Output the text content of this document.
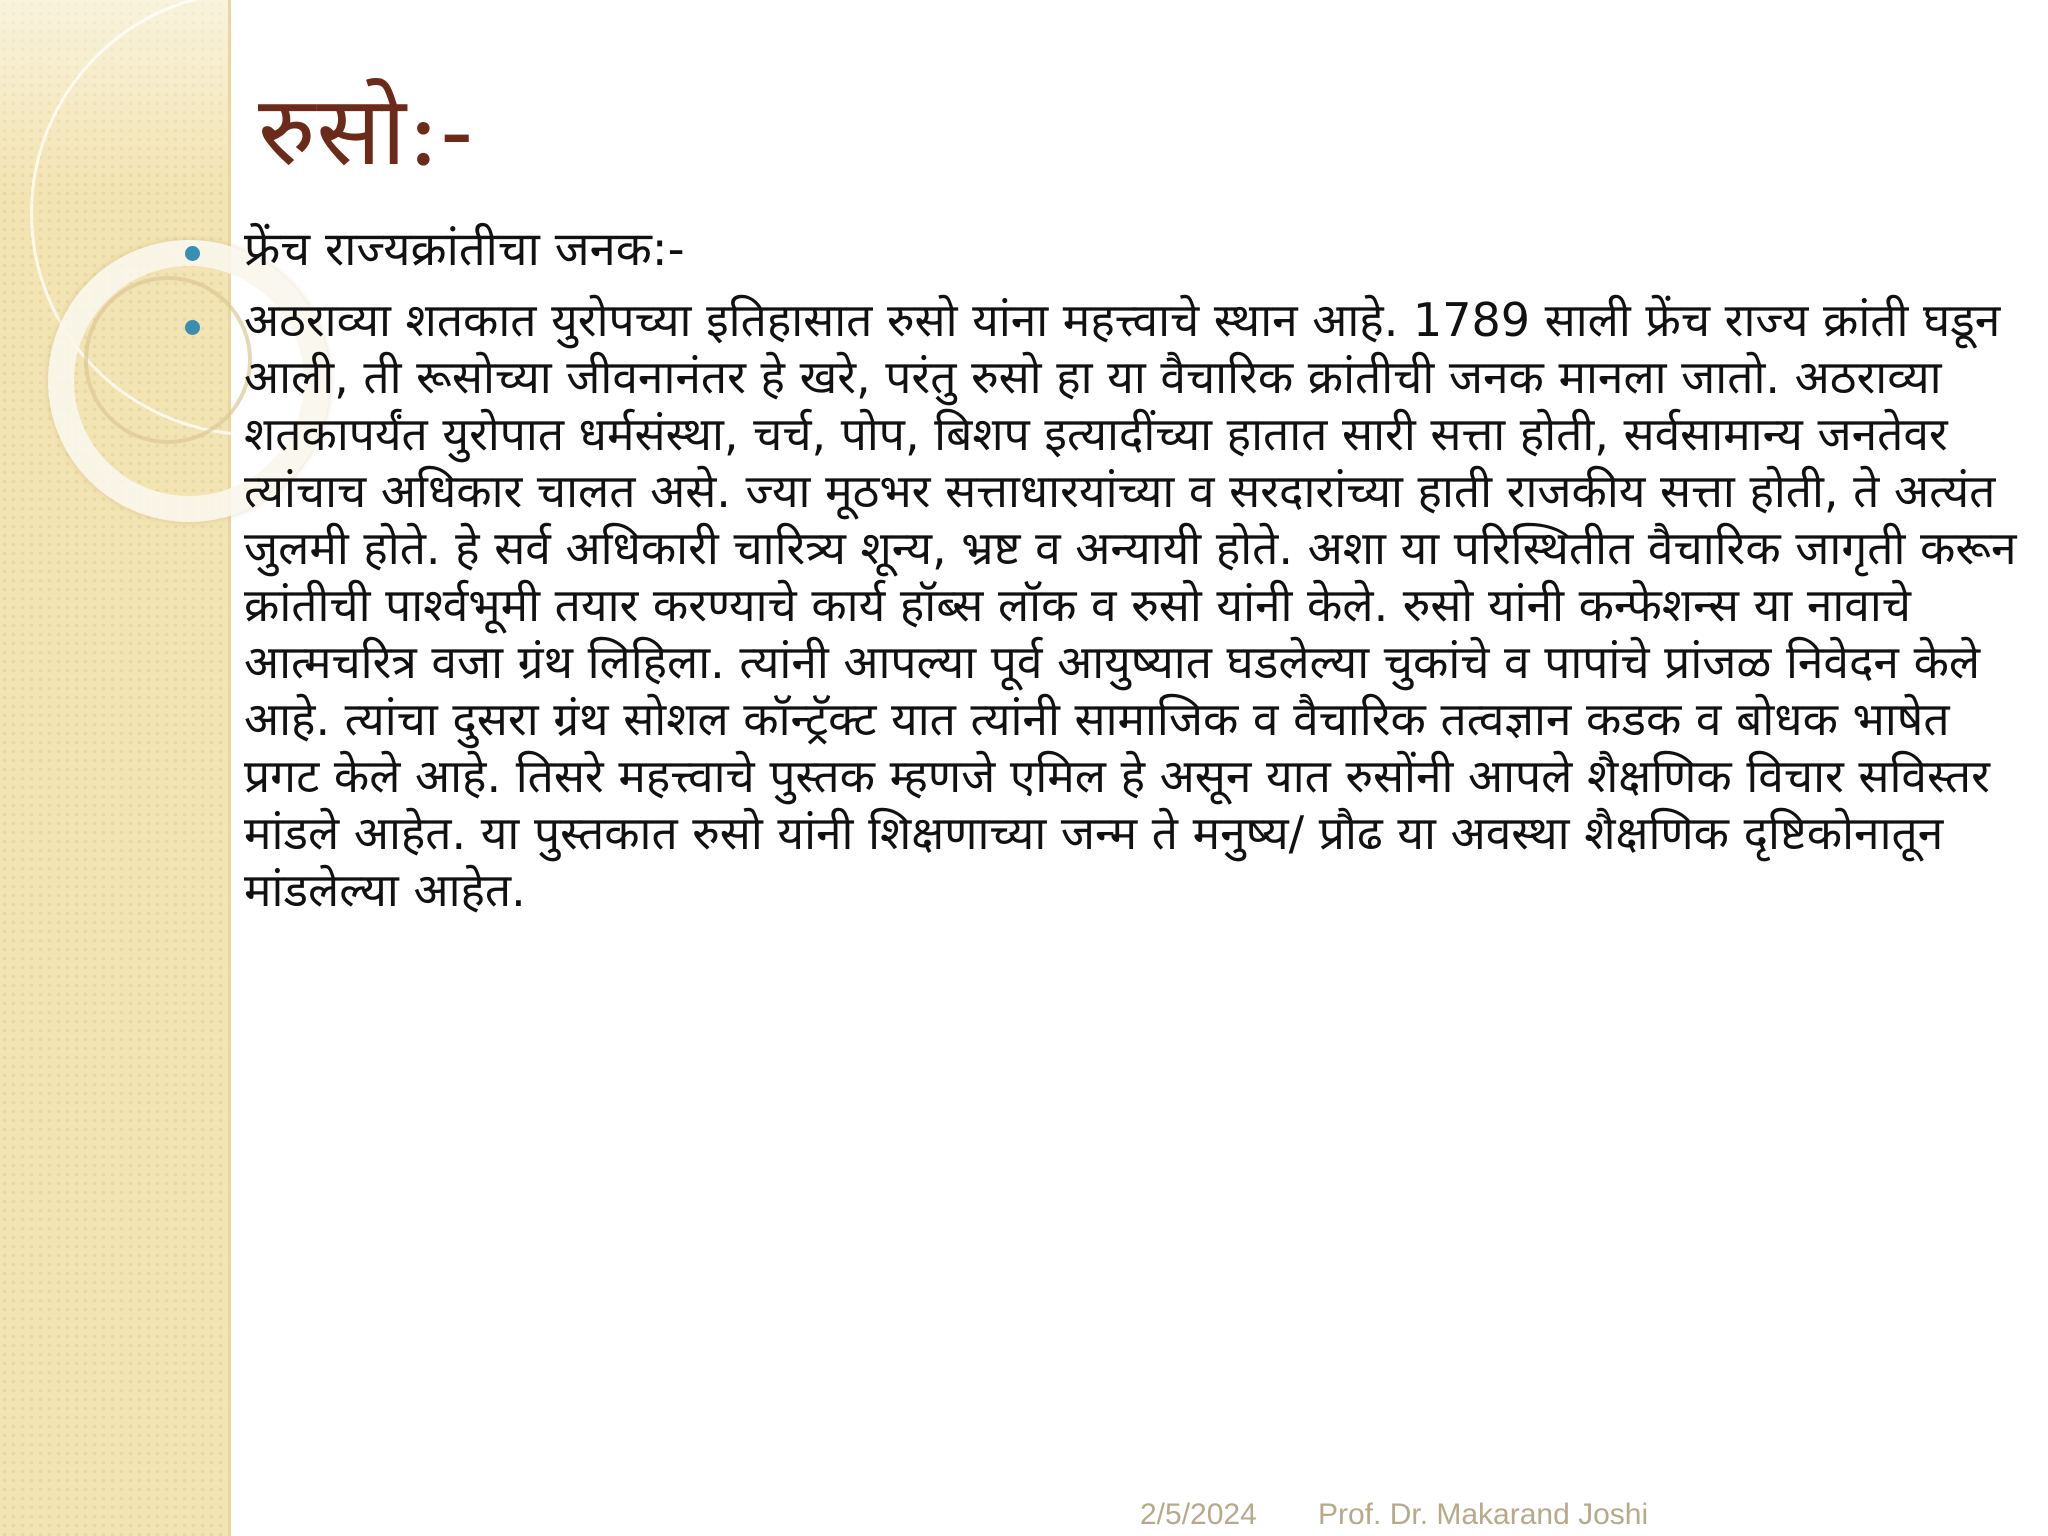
रुसो:-
फ्रेंच राज्यक्रांतीचा जनक:-
अठराव्या शतकात युरोपच्या इतिहासात रुसो यांना महत्त्वाचे स्थान आहे. 1789 साली फ्रेंच राज्य क्रांती घडून आली, ती रूसोच्या जीवनानंतर हे खरे, परंतु रुसो हा या वैचारिक क्रांतीची जनक मानला जातो. अठराव्या शतकापर्यंत युरोपात धर्मसंस्था, चर्च, पोप, बिशप इत्यादींच्या हातात सारी सत्ता होती, सर्वसामान्य जनतेवर त्यांचाच अधिकार चालत असे. ज्या मूठभर सत्ताधारयांच्या व सरदारांच्या हाती राजकीय सत्ता होती, ते अत्यंत जुलमी होते. हे सर्व अधिकारी चारित्र्य शून्य, भ्रष्ट व अन्यायी होते. अशा या परिस्थितीत वैचारिक जागृती करून क्रांतीची पार्श्वभूमी तयार करण्याचे कार्य हॉब्स लॉक व रुसो यांनी केले. रुसो यांनी कन्फेशन्स या नावाचे आत्मचरित्र वजा ग्रंथ लिहिला. त्यांनी आपल्या पूर्व आयुष्यात घडलेल्या चुकांचे व पापांचे प्रांजळ निवेदन केले आहे. त्यांचा दुसरा ग्रंथ सोशल कॉन्ट्रॅक्ट यात त्यांनी सामाजिक व वैचारिक तत्वज्ञान कडक व बोधक भाषेत प्रगट केले आहे. तिसरे महत्त्वाचे पुस्तक म्हणजे एमिल हे असून यात रुसोंनी आपले शैक्षणिक विचार सविस्तर मांडले आहेत. या पुस्तकात रुसो यांनी शिक्षणाच्या जन्म ते मनुष्य/ प्रौढ या अवस्था शैक्षणिक दृष्टिकोनातून मांडलेल्या आहेत.
2/5/2024 Prof. Dr. Makarand Joshi
